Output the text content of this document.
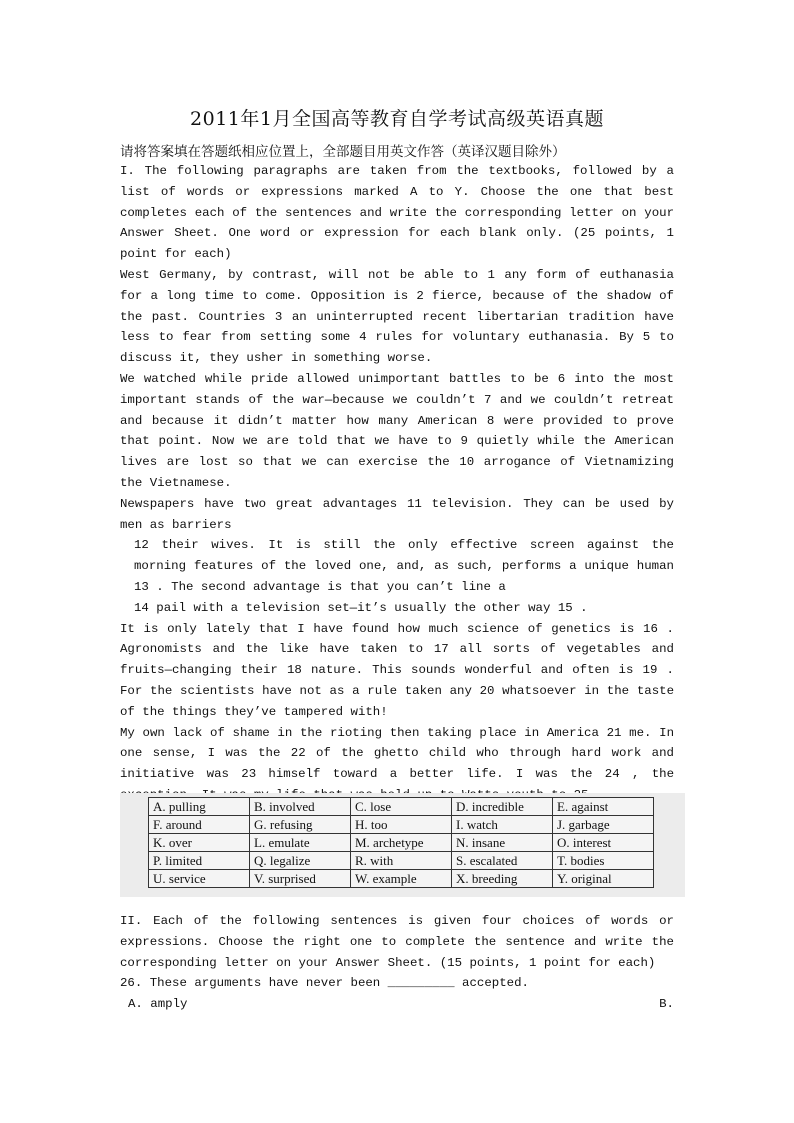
2011年1月全国高等教育自学考试高级英语真题
请将答案填在答题纸相应位置上，全部题目用英文作答（英译汉题目除外）

I. The following paragraphs are taken from the textbooks, followed by a list of words or expressions marked A to Y. Choose the one that best completes each of the sentences and write the corresponding letter on your Answer Sheet. One word or expression for each blank only. (25 points, 1 point for each)

West Germany, by contrast, will not be able to 1 any form of euthanasia for a long time to come. Opposition is 2 fierce, because of the shadow of the past. Countries 3 an uninterrupted recent libertarian tradition have less to fear from setting some 4 rules for voluntary euthanasia. By 5 to discuss it, they usher in something worse.

We watched while pride allowed unimportant battles to be 6 into the most important stands of the war—because we couldn’t 7 and we couldn’t retreat and because it didn’t matter how many American 8 were provided to prove that point. Now we are told that we have to 9 quietly while the American lives are lost so that we can exercise the 10 arrogance of Vietnamizing the Vietnamese.

Newspapers have two great advantages 11 television. They can be used by men as barriers

12 their wives. It is still the only effective screen against the morning features of the loved one, and, as such, performs a unique human 13 . The second advantage is that you can’t line a

14 pail with a television set—it’s usually the other way 15 .

It is only lately that I have found how much science of genetics is 16 . Agronomists and the like have taken to 17 all sorts of vegetables and fruits—changing their 18 nature. This sounds wonderful and often is 19 . For the scientists have not as a rule taken any 20 whatsoever in the taste of the things they’ve tampered with!

My own lack of shame in the rioting then taking place in America 21 me. In one sense, I was the 22 of the ghetto child who through hard work and initiative was 23 himself toward a better life. I was the 24 , the

A. pulling	B. involved	C. lose	D. incredible	E. against
F. around	G. refusing	H. too	I. watch	J. garbage
K. over	L. emulate	M. archetype	N. insane	O. interest
P. limited	Q. legalize	R. with	S. escalated	T. bodies
U. service	V. surprised	W. example	X. breeding	Y. original

II. Each of the following sentences is given four choices of words or expressions. Choose the right one to complete the sentence and write the corresponding letter on your Answer Sheet. (15 points, 1 point for each)

26. These arguments have never been _________ accepted.

A. amply	B.
